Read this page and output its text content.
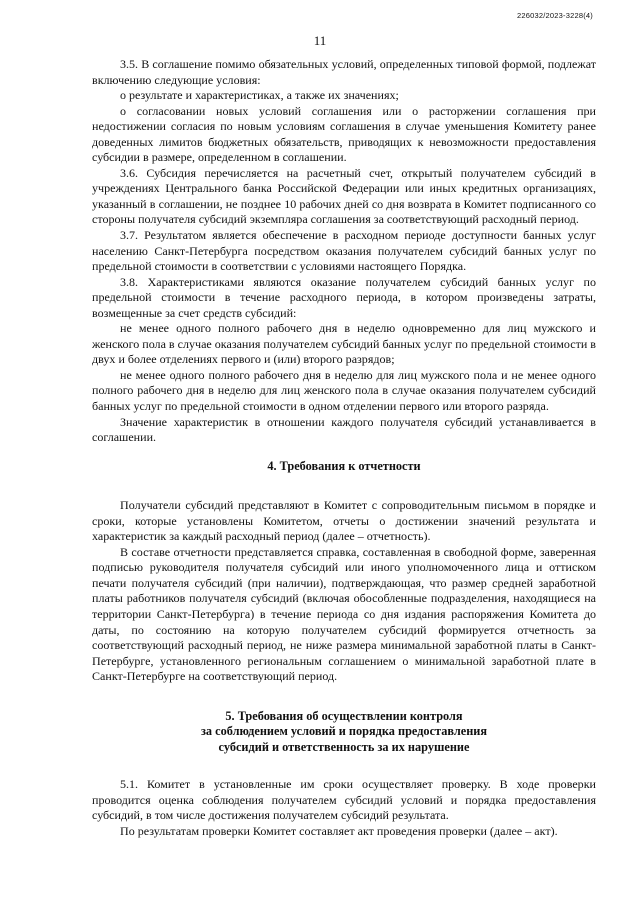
226032/2023-3228(4)
11

3.5. В соглашение помимо обязательных условий, определенных типовой формой, подлежат включению следующие условия:

о результате и характеристиках, а также их значениях;

о согласовании новых условий соглашения или о расторжении соглашения при недостижении согласия по новым условиям соглашения в случае уменьшения Комитету ранее доведенных лимитов бюджетных обязательств, приводящих к невозможности предоставления субсидии в размере, определенном в соглашении.

3.6. Субсидия перечисляется на расчетный счет, открытый получателем субсидий в учреждениях Центрального банка Российской Федерации или иных кредитных организациях, указанный в соглашении, не позднее 10 рабочих дней со дня возврата в Комитет подписанного со стороны получателя субсидий экземпляра соглашения за соответствующий расходный период.

3.7. Результатом является обеспечение в расходном периоде доступности банных услуг населению Санкт-Петербурга посредством оказания получателем субсидий банных услуг по предельной стоимости в соответствии с условиями настоящего Порядка.

3.8. Характеристиками являются оказание получателем субсидий банных услуг по предельной стоимости в течение расходного периода, в котором произведены затраты, возмещенные за счет средств субсидий:

не менее одного полного рабочего дня в неделю одновременно для лиц мужского и женского пола в случае оказания получателем субсидий банных услуг по предельной стоимости в двух и более отделениях первого и (или) второго разрядов;

не менее одного полного рабочего дня в неделю для лиц мужского пола и не менее одного полного рабочего дня в неделю для лиц женского пола в случае оказания получателем субсидий банных услуг по предельной стоимости в одном отделении первого или второго разряда.

Значение характеристик в отношении каждого получателя субсидий устанавливается в соглашении.

4. Требования к отчетности

Получатели субсидий представляют в Комитет с сопроводительным письмом в порядке и сроки, которые установлены Комитетом, отчеты о достижении значений результата и характеристик за каждый расходный период (далее – отчетность).

В составе отчетности представляется справка, составленная в свободной форме, заверенная подписью руководителя получателя субсидий или иного уполномоченного лица и оттиском печати получателя субсидий (при наличии), подтверждающая, что размер средней заработной платы работников получателя субсидий (включая обособленные подразделения, находящиеся на территории Санкт-Петербурга) в течение периода со дня издания распоряжения Комитета до даты, по состоянию на которую получателем субсидий формируется отчетность за соответствующий расходный период, не ниже размера минимальной заработной платы в Санкт-Петербурге, установленного региональным соглашением о минимальной заработной плате в Санкт-Петербурге на соответствующий период.

5. Требования об осуществлении контроля
за соблюдением условий и порядка предоставления
субсидий и ответственность за их нарушение

5.1. Комитет в установленные им сроки осуществляет проверку. В ходе проверки проводится оценка соблюдения получателем субсидий условий и порядка предоставления субсидий, в том числе достижения получателем субсидий результата.

По результатам проверки Комитет составляет акт проведения проверки (далее – акт).
